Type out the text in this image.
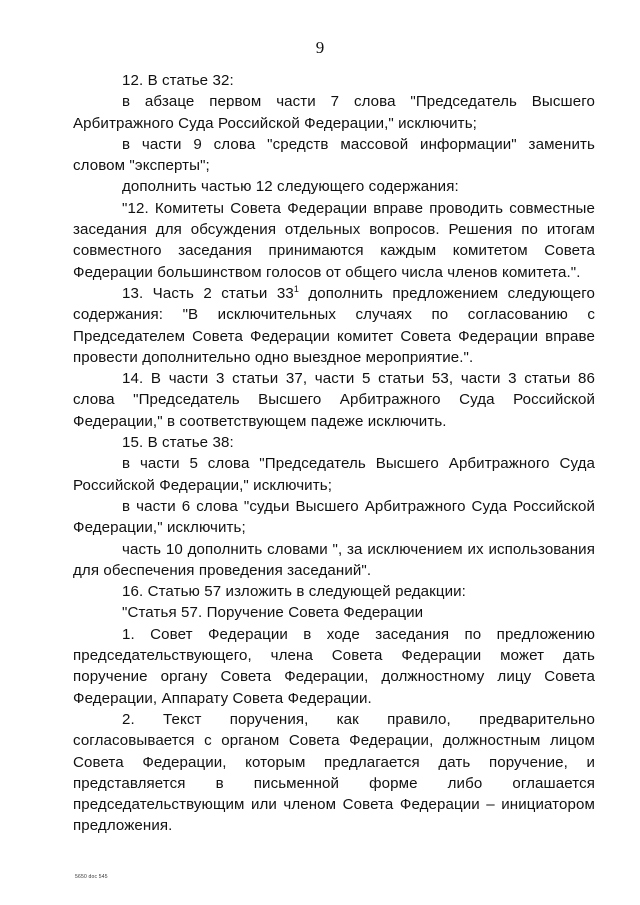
9

12. В статье 32:

в абзаце первом части 7 слова "Председатель Высшего Арбитражного Суда Российской Федерации," исключить;

в части 9 слова "средств массовой информации" заменить словом "эксперты";

дополнить частью 12 следующего содержания:

"12. Комитеты Совета Федерации вправе проводить совместные заседания для обсуждения отдельных вопросов. Решения по итогам совместного заседания принимаются каждым комитетом Совета Федерации большинством голосов от общего числа членов комитета.".

13. Часть 2 статьи $33^1$ дополнить предложением следующего содержания: "В исключительных случаях по согласованию с Председателем Совета Федерации комитет Совета Федерации вправе провести дополнительно одно выездное мероприятие.".

14. В части 3 статьи 37, части 5 статьи 53, части 3 статьи 86 слова "Председатель Высшего Арбитражного Суда Российской Федерации," в соответствующем падеже исключить.

15. В статье 38:

в части 5 слова "Председатель Высшего Арбитражного Суда Российской Федерации," исключить;

в части 6 слова "судьи Высшего Арбитражного Суда Российской Федерации," исключить;

часть 10 дополнить словами ", за исключением их использования для обеспечения проведения заседаний".

16. Статью 57 изложить в следующей редакции:

"Статья 57. Поручение Совета Федерации

1. Совет Федерации в ходе заседания по предложению председательствующего, члена Совета Федерации может дать поручение органу Совета Федерации, должностному лицу Совета Федерации, Аппарату Совета Федерации.

2. Текст поручения, как правило, предварительно согласовывается с органом Совета Федерации, должностным лицом Совета Федерации, которым предлагается дать поручение, и представляется в письменной форме либо оглашается председательствующим или членом Совета Федерации – инициатором предложения.

5650 doc 545
